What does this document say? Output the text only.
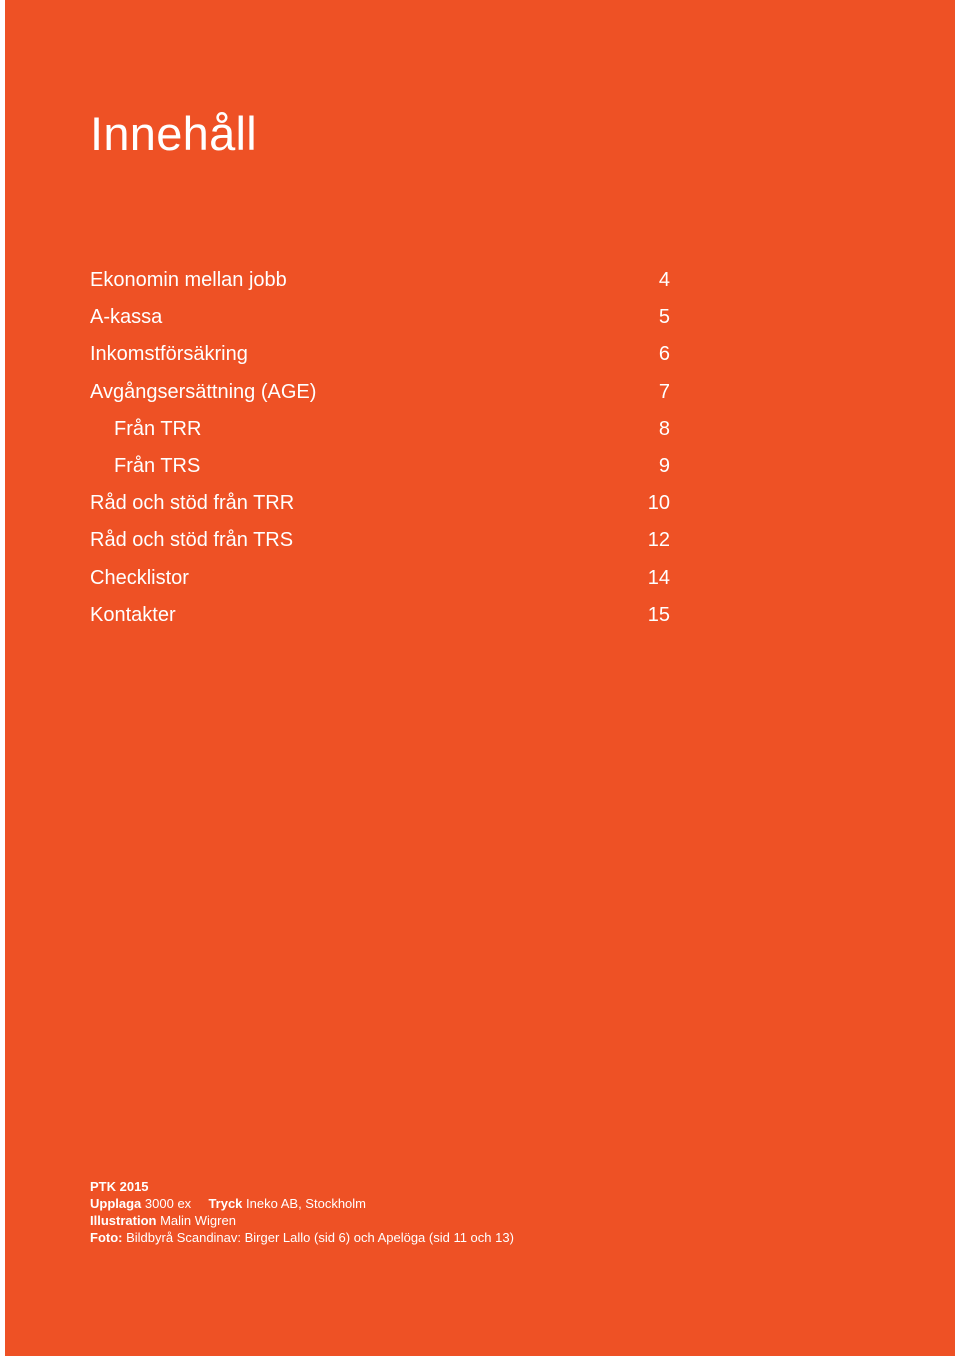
Innehåll
Ekonomin mellan jobb	4
A-kassa	5
Inkomstförsäkring	6
Avgångsersättning (AGE)	7
Från TRR	8
Från TRS	9
Råd och stöd från TRR	10
Råd och stöd från TRS	12
Checklistor	14
Kontakter	15
PTK 2015
Upplaga 3000 ex Tryck Ineko AB, Stockholm
Illustration Malin Wigren
Foto: Bildbyrå Scandinav: Birger Lallo (sid 6) och Apelöga (sid 11 och 13)
